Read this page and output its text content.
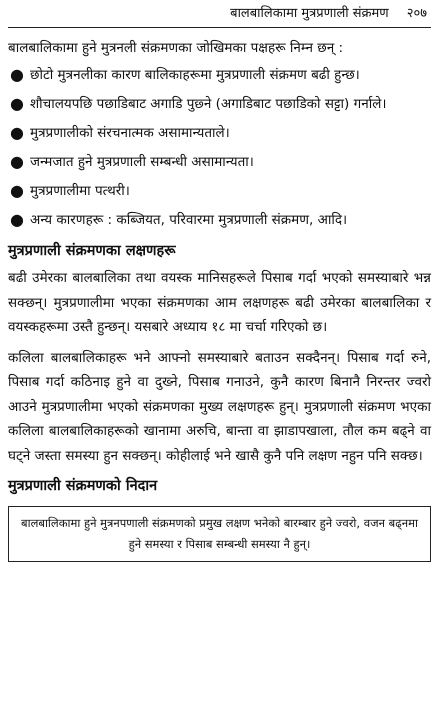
बालबालिकामा मुत्रप्रणाली संक्रमण २०७
बालबालिकामा हुने मुत्रनली संक्रमणका जोखिमका पक्षहरू निम्न छन् :
● छोटो मुत्रनलीका कारण बालिकाहरूमा मुत्रप्रणाली संक्रमण बढी हुन्छ।
● शौचालयपछि पछाडिबाट अगाडि पुछ्ने (अगाडिबाट पछाडिको सट्टा) गर्नाले।
● मुत्रप्रणालीको संरचनात्मक असामान्यताले।
● जन्मजात हुने मुत्रप्रणाली सम्बन्धी असामान्यता।
● मुत्रप्रणालीमा पत्थरी।
● अन्य कारणहरू : कब्जियत, परिवारमा मुत्रप्रणाली संक्रमण, आदि।
मुत्रप्रणाली संक्रमणका लक्षणहरू

बढी उमेरका बालबालिका तथा वयस्क मानिसहरूले पिसाब गर्दा भएको समस्याबारे भन्न सक्छन्। मुत्रप्रणालीमा भएका संक्रमणका आम लक्षणहरू बढी उमेरका बालबालिका र वयस्कहरूमा उस्तै हुन्छन्। यसबारे अध्याय १८ मा चर्चा गरिएको छ।

कलिला बालबालिकाहरू भने आफ्नो समस्याबारे बताउन सक्दैनन्। पिसाब गर्दा रुने, पिसाब गर्दा कठिनाइ हुने वा दुख्ने, पिसाब गनाउने, कुनै कारण बिनानै निरन्तर ज्वरो आउने मुत्रप्रणालीमा भएको संक्रमणका मुख्य लक्षणहरू हुन्। मुत्रप्रणाली संक्रमण भएका कलिला बालबालिकाहरूको खानामा अरुचि, बान्ता वा झाडापखाला, तौल कम बढ्ने वा घट्ने जस्ता समस्या हुन सक्छन्। कोहीलाई भने खासै कुनै पनि लक्षण नहुन पनि सक्छ।

मुत्रप्रणाली संक्रमणको निदान
बालबालिकामा हुने मुत्रनपणाली संक्रमणको प्रमुख लक्षण भनेको बारम्बार हुने ज्वरो, वजन बढ्नमा हुने समस्या र पिसाब सम्बन्धी समस्या नै हुन्।
